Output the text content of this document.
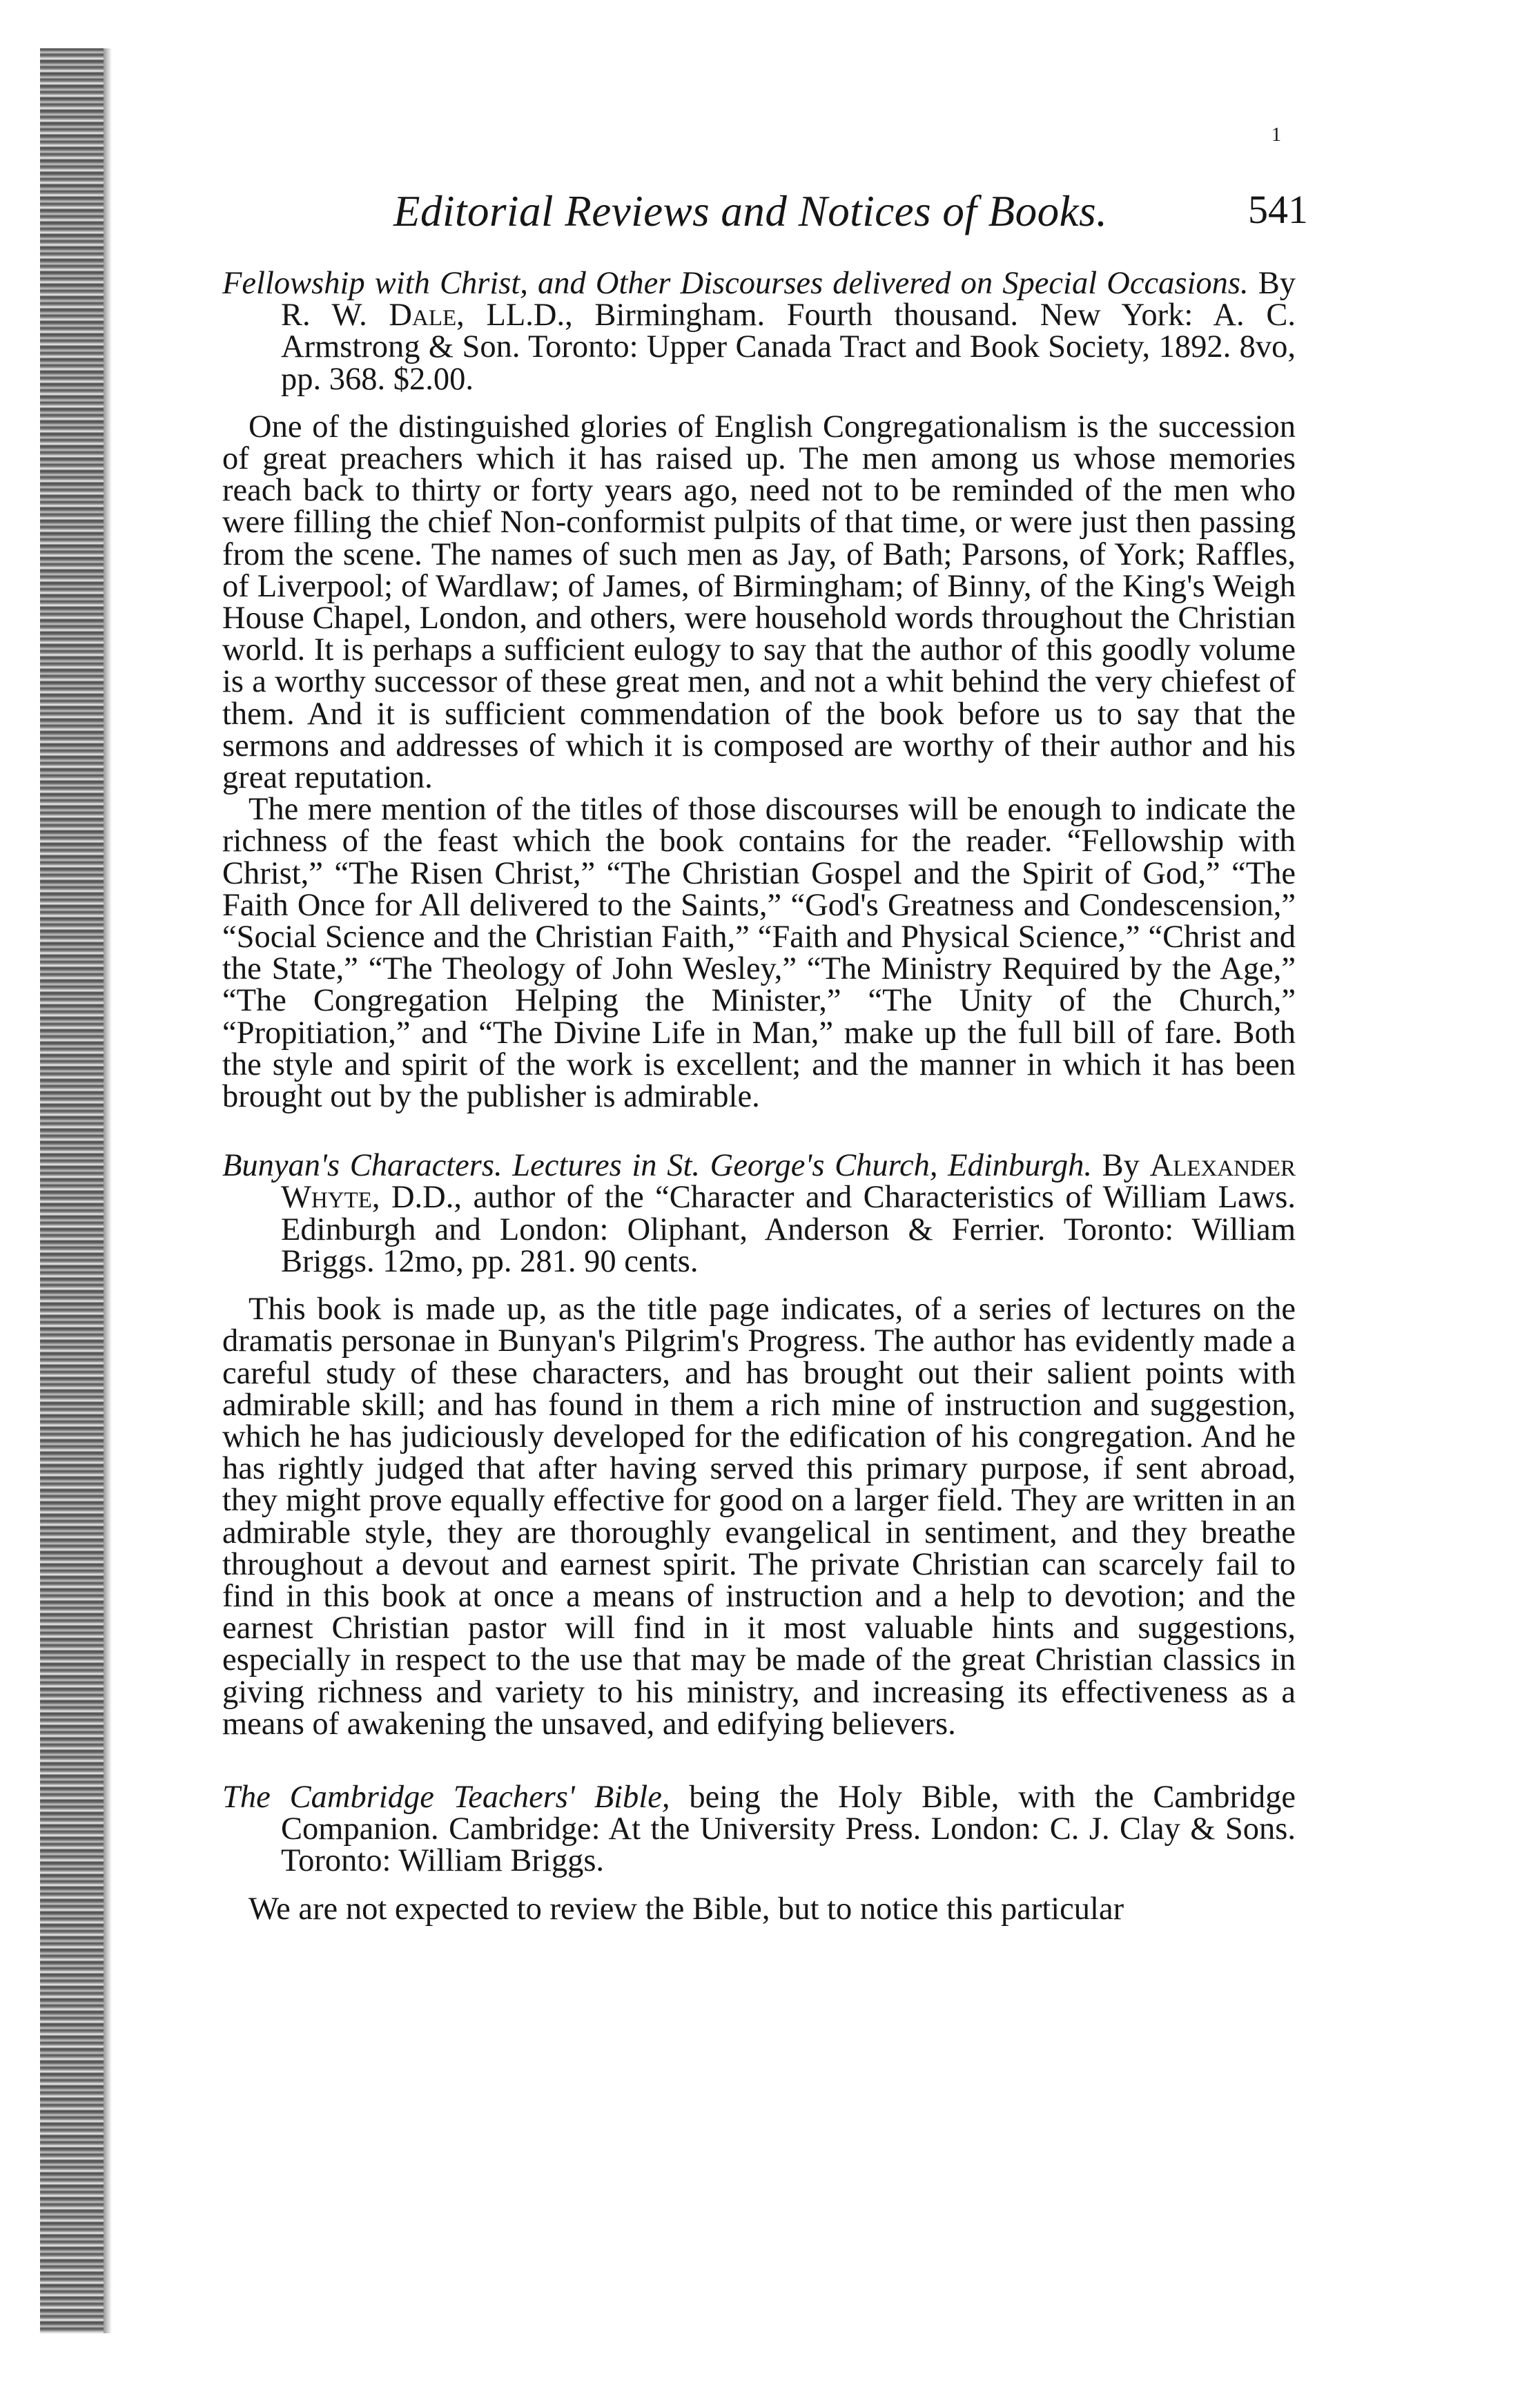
1
Editorial Reviews and Notices of Books.	541

Fellowship with Christ, and Other Discourses delivered on Special Occasions. By R. W. Dale, LL.D., Birmingham. Fourth thousand. New York: A. C. Armstrong & Son. Toronto: Upper Canada Tract and Book Society, 1892. 8vo, pp. 368. $2.00.

One of the distinguished glories of English Congregationalism is the succession of great preachers which it has raised up. The men among us whose memories reach back to thirty or forty years ago, need not to be reminded of the men who were filling the chief Non-conformist pulpits of that time, or were just then passing from the scene. The names of such men as Jay, of Bath; Parsons, of York; Raffles, of Liverpool; of Wardlaw; of James, of Birmingham; of Binny, of the King's Weigh House Chapel, London, and others, were household words throughout the Christian world. It is perhaps a sufficient eulogy to say that the author of this goodly volume is a worthy successor of these great men, and not a whit behind the very chiefest of them. And it is sufficient commendation of the book before us to say that the sermons and addresses of which it is composed are worthy of their author and his great reputation.

The mere mention of the titles of those discourses will be enough to indicate the richness of the feast which the book contains for the reader. “Fellowship with Christ,” “The Risen Christ,” “The Christian Gospel and the Spirit of God,” “The Faith Once for All delivered to the Saints,” “God's Greatness and Condescension,” “Social Science and the Christian Faith,” “Faith and Physical Science,” “Christ and the State,” “The Theology of John Wesley,” “The Ministry Required by the Age,” “The Congregation Helping the Minister,” “The Unity of the Church,” “Propitiation,” and “The Divine Life in Man,” make up the full bill of fare. Both the style and spirit of the work is excellent; and the manner in which it has been brought out by the publisher is admirable.

Bunyan's Characters. Lectures in St. George's Church, Edinburgh. By Alexander Whyte, D.D., author of the “Character and Characteristics of William Laws. Edinburgh and London: Oliphant, Anderson & Ferrier. Toronto: William Briggs. 12mo, pp. 281. 90 cents.

This book is made up, as the title page indicates, of a series of lectures on the dramatis personae in Bunyan's Pilgrim's Progress. The author has evidently made a careful study of these characters, and has brought out their salient points with admirable skill; and has found in them a rich mine of instruction and suggestion, which he has judiciously developed for the edification of his congregation. And he has rightly judged that after having served this primary purpose, if sent abroad, they might prove equally effective for good on a larger field. They are written in an admirable style, they are thoroughly evangelical in sentiment, and they breathe throughout a devout and earnest spirit. The private Christian can scarcely fail to find in this book at once a means of instruction and a help to devotion; and the earnest Christian pastor will find in it most valuable hints and suggestions, especially in respect to the use that may be made of the great Christian classics in giving richness and variety to his ministry, and increasing its effectiveness as a means of awakening the unsaved, and edifying believers.

The Cambridge Teachers' Bible, being the Holy Bible, with the Cambridge Companion. Cambridge: At the University Press. London: C. J. Clay & Sons. Toronto: William Briggs.

We are not expected to review the Bible, but to notice this particular
